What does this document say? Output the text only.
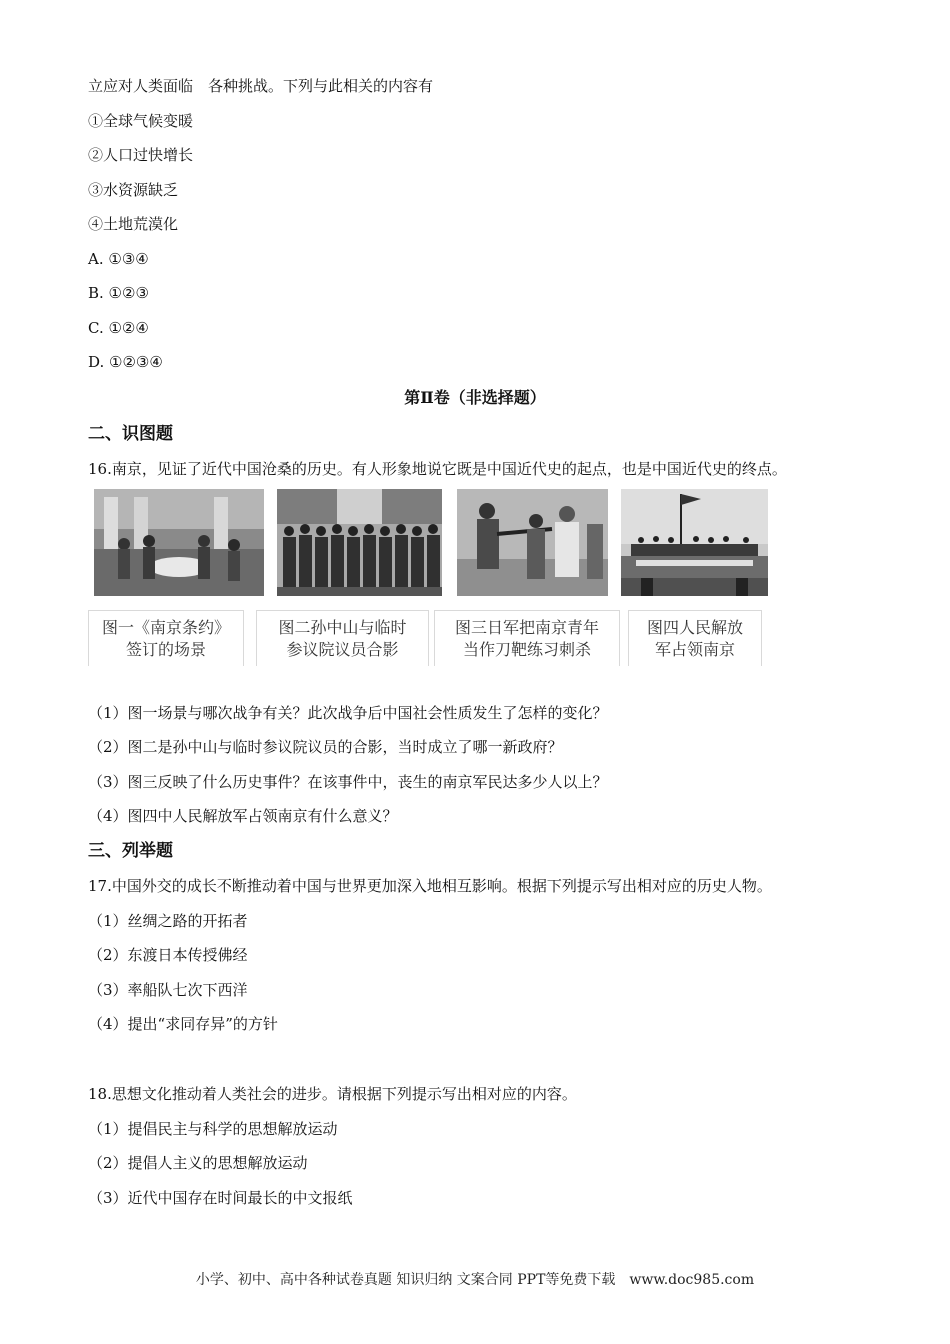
立应对人类面临　各种挑战。下列与此相关的内容有
①全球气候变暖
②人口过快增长
③水资源缺乏
④土地荒漠化
A. ①③④
B. ①②③
C. ①②④
D. ①②③④
第Ⅱ卷（非选择题）
二、识图题
16.南京，见证了近代中国沧桑的历史。有人形象地说它既是中国近代史的起点，也是中国近代史的终点。
图一《南京条约》
签订的场景
图二孙中山与临时
参议院议员合影
图三日军把南京青年
当作刀靶练习刺杀
图四人民解放
军占领南京
（1）图一场景与哪次战争有关？此次战争后中国社会性质发生了怎样的变化？
（2）图二是孙中山与临时参议院议员的合影，当时成立了哪一新政府？
（3）图三反映了什么历史事件？在该事件中，丧生的南京军民达多少人以上？
（4）图四中人民解放军占领南京有什么意义？
三、列举题
17.中国外交的成长不断推动着中国与世界更加深入地相互影响。根据下列提示写出相对应的历史人物。
（1）丝绸之路的开拓者
（2）东渡日本传授佛经
（3）率船队七次下西洋
（4）提出“求同存异”的方针
18.思想文化推动着人类社会的进步。请根据下列提示写出相对应的内容。
（1）提倡民主与科学的思想解放运动
（2）提倡人主义的思想解放运动
（3）近代中国存在时间最长的中文报纸
小学、初中、高中各种试卷真题 知识归纳 文案合同 PPT等免费下载　www.doc985.com
